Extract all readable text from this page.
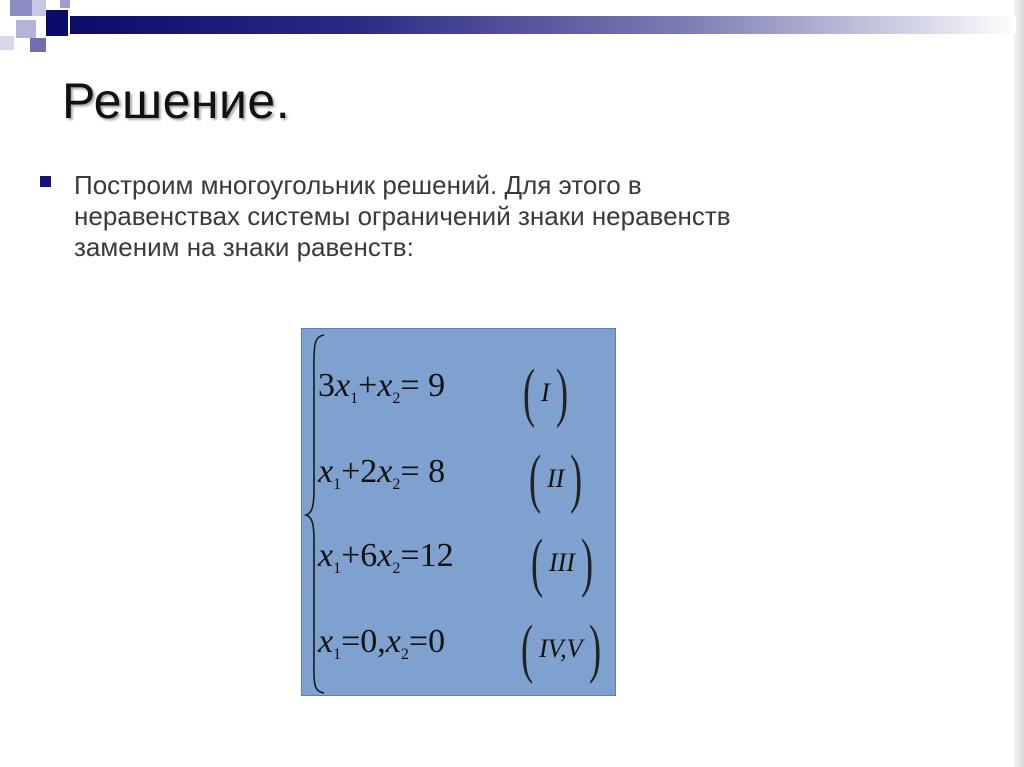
Решение.
Построим многоугольник решений. Для этого в
неравенствах системы ограничений знаки неравенств
заменим на знаки равенств:
$3x_1+x_2= 9$ ( I )
$x_1+2x_2= 8$ ( II )
$x_1+6x_2=12$ ( III )
$x_1=0,x_2=0$ ( IV,V )
